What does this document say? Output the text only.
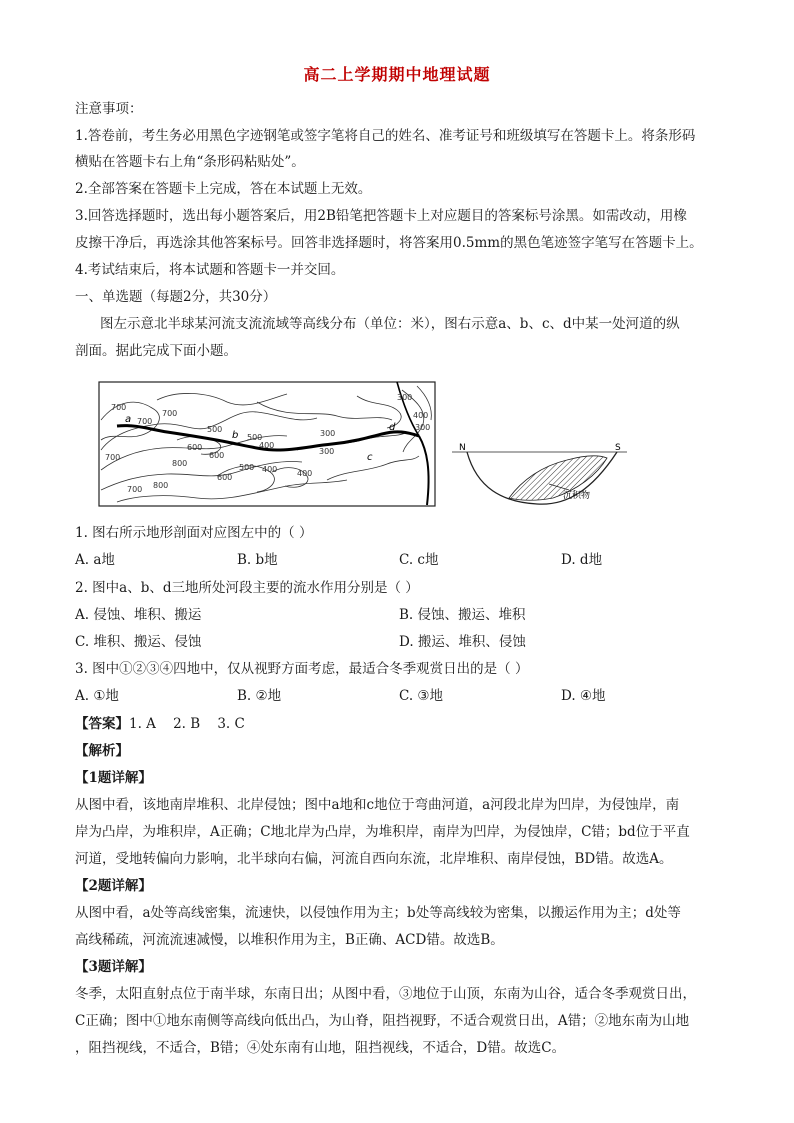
高二上学期期中地理试题
注意事项：
1.答卷前，考生务必用黑色字迹钢笔或签字笔将自己的姓名、准考证号和班级填写在答题卡上。将条形码
横贴在答题卡右上角“条形码粘贴处”。
2.全部答案在答题卡上完成，答在本试题上无效。
3.回答选择题时，选出每小题答案后，用2B铅笔把答题卡上对应题目的答案标号涂黑。如需改动，用橡
皮擦干净后，再选涂其他答案标号。回答非选择题时，将答案用0.5mm的黑色笔迹签字笔写在答题卡上。
4.考试结束后，将本试题和答题卡一并交回。
一、单选题（每题2分，共30分）
图左示意北半球某河流支流流域等高线分布（单位：米），图右示意a、b、c、d中某一处河道的纵
剖面。据此完成下面小题。
700
700
700
700
600
500
500
400
400
300
300
600
700
800
800
600
500
400
300
400
300
a
b
c
d
N	S
沉积物
1. 图右所示地形剖面对应图左中的（ ）
A. a地	B. b地	C. c地	D. d地
2. 图中a、b、d三地所处河段主要的流水作用分别是（ ）
A. 侵蚀、堆积、搬运	B. 侵蚀、搬运、堆积
C. 堆积、搬运、侵蚀	D. 搬运、堆积、侵蚀
3. 图中①②③④四地中，仅从视野方面考虑，最适合冬季观赏日出的是（ ）
A. ①地	B. ②地	C. ③地	D. ④地
【答案】1. A    2. B    3. C
【解析】
【1题详解】
从图中看，该地南岸堆积、北岸侵蚀；图中a地和c地位于弯曲河道，a河段北岸为凹岸，为侵蚀岸，南
岸为凸岸，为堆积岸，A正确；C地北岸为凸岸，为堆积岸，南岸为凹岸，为侵蚀岸，C错；bd位于平直
河道，受地转偏向力影响，北半球向右偏，河流自西向东流，北岸堆积、南岸侵蚀，BD错。故选A。
【2题详解】
从图中看，a处等高线密集，流速快，以侵蚀作用为主；b处等高线较为密集，以搬运作用为主；d处等
高线稀疏，河流流速减慢，以堆积作用为主，B正确、ACD错。故选B。
【3题详解】
冬季，太阳直射点位于南半球，东南日出；从图中看，③地位于山顶，东南为山谷，适合冬季观赏日出，
C正确；图中①地东南侧等高线向低出凸，为山脊，阻挡视野，不适合观赏日出，A错；②地东南为山地
，阻挡视线，不适合，B错；④处东南有山地，阻挡视线，不适合，D错。故选C。
